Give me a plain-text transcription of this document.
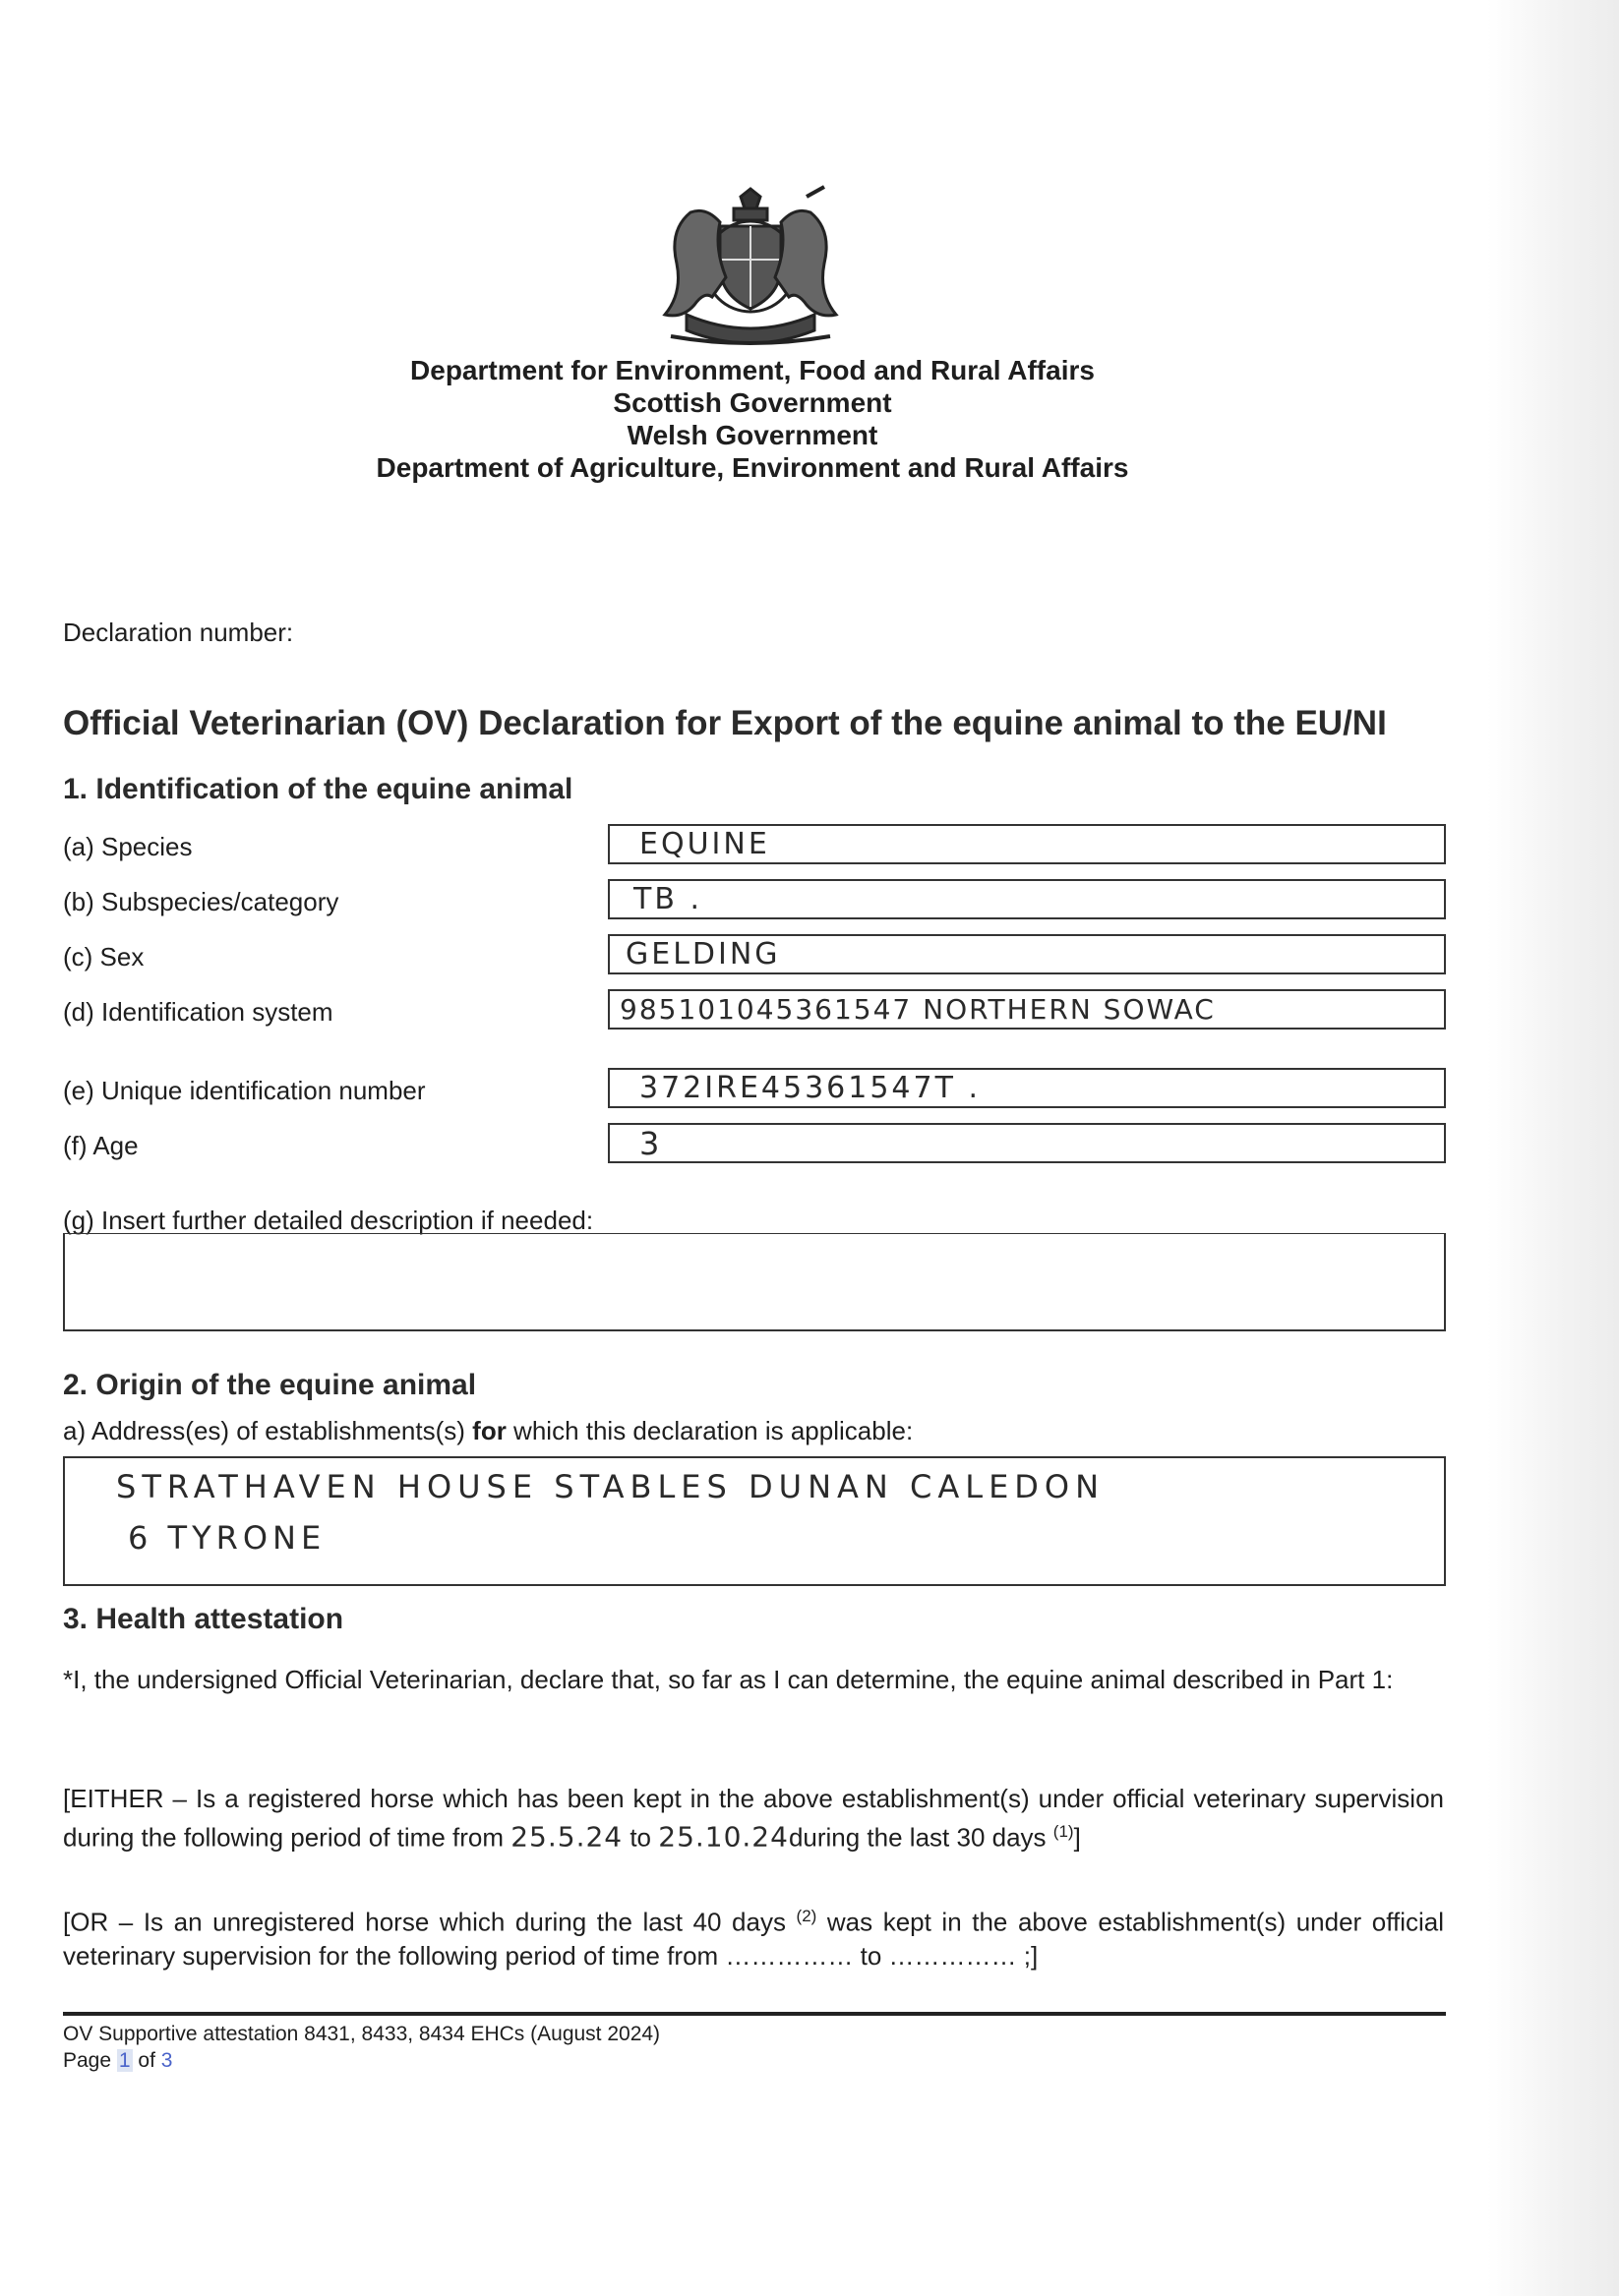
Department for Environment, Food and Rural Affairs
Scottish Government
Welsh Government
Department of Agriculture, Environment and Rural Affairs
Declaration number:
Official Veterinarian (OV) Declaration for Export of the equine animal to the EU/NI
1. Identification of the equine animal
(a) Species	EQUINE
(b) Subspecies/category	TB .
(c) Sex	GELDING
(d) Identification system	985101045361547 NORTHERN SOWAC
(e) Unique identification number	372IRE45361547T .
(f) Age	3
(g) Insert further detailed description if needed:
2. Origin of the equine animal
a) Address(es) of establishments(s) for which this declaration is applicable:
STRATHAVEN HOUSE STABLES DUNAN CALEDON
6 TYRONE
3. Health attestation
*I, the undersigned Official Veterinarian, declare that, so far as I can determine, the equine animal described in Part 1:
[EITHER – Is a registered horse which has been kept in the above establishment(s) under official veterinary supervision during the following period of time from 25.5.24 to 25.10.24during the last 30 days $^{(1)}$]
[OR – Is an unregistered horse which during the last 40 days $^{(2)}$ was kept in the above establishment(s) under official veterinary supervision for the following period of time from …………… to …………… ;]
OV Supportive attestation 8431, 8433, 8434 EHCs (August 2024)
Page 1 of 3
